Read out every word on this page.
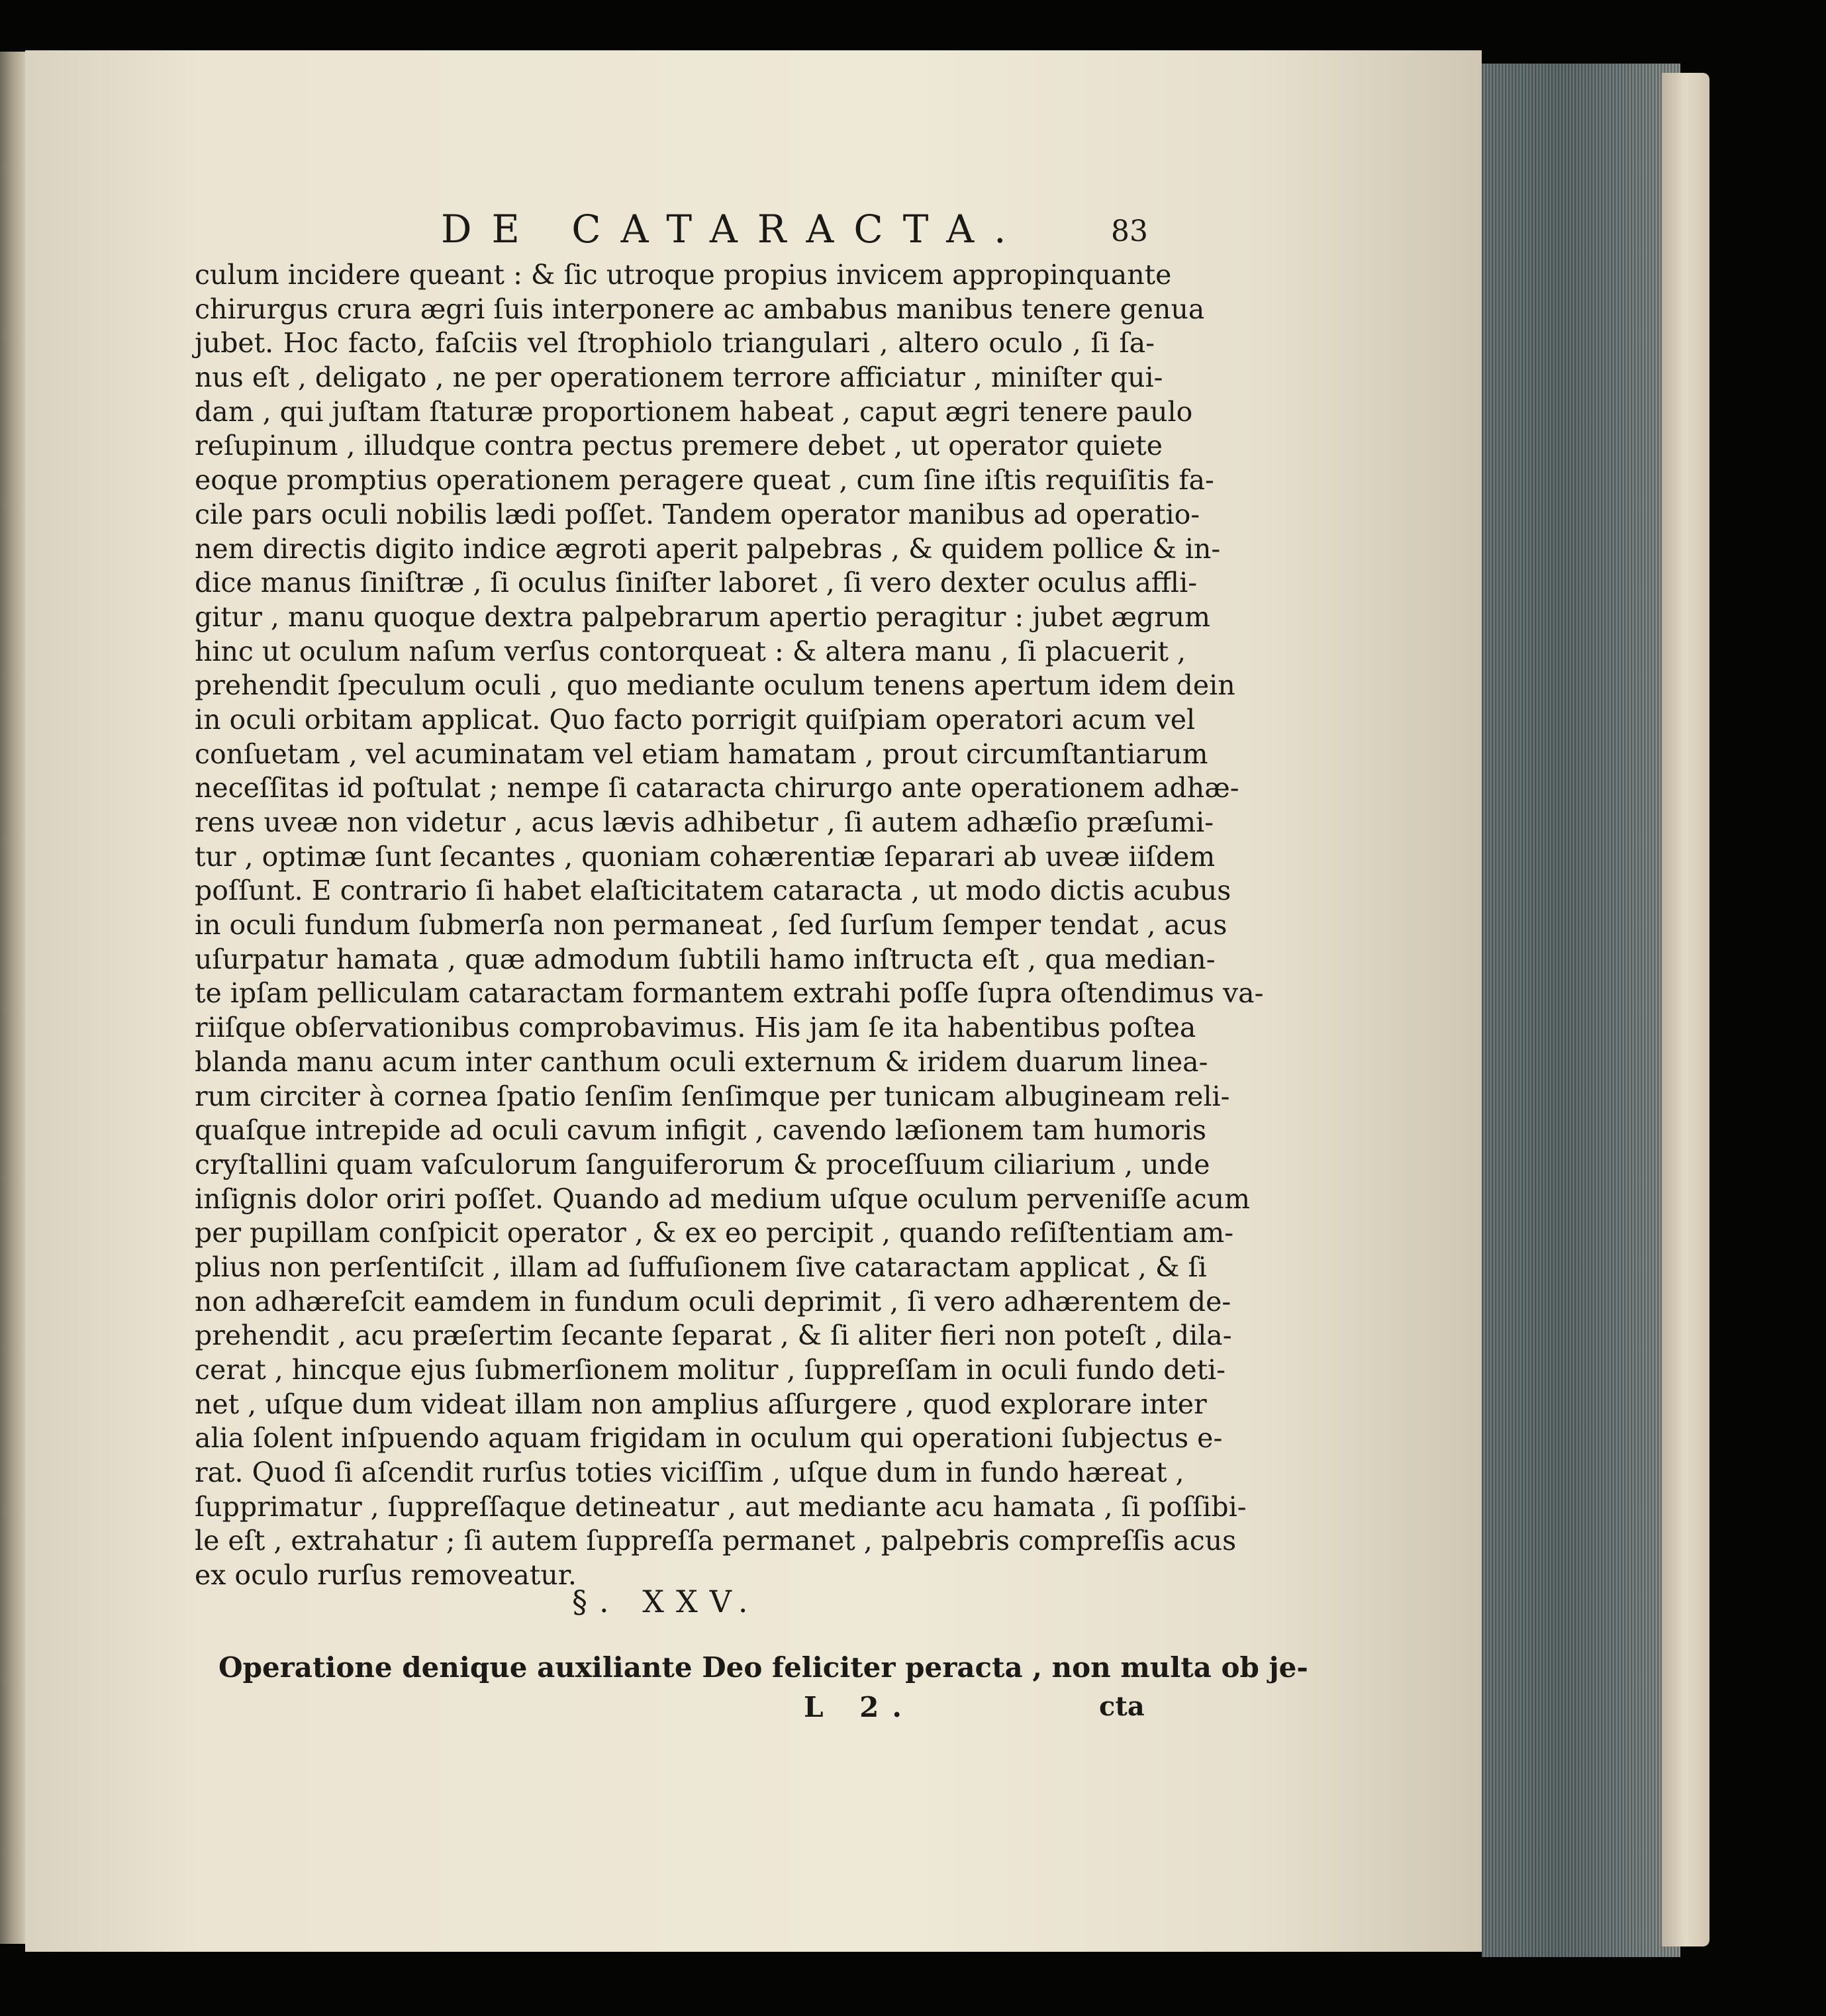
DE CATARACTA.	83
culum incidere queant : & ſic utroque propius invicem appropinquante
chirurgus crura ægri ſuis interponere ac ambabus manibus tenere genua
jubet. Hoc facto, faſciis vel ſtrophiolo triangulari , altero oculo , ſi ſa-
nus eſt , deligato , ne per operationem terrore afficiatur , miniſter qui-
dam , qui juſtam ſtaturæ proportionem habeat , caput ægri tenere paulo
reſupinum , illudque contra pectus premere debet , ut operator quiete
eoque promptius operationem peragere queat , cum ſine iſtis requiſitis fa-
cile pars oculi nobilis lædi poſſet. Tandem operator manibus ad operatio-
nem directis digito indice ægroti aperit palpebras , & quidem pollice & in-
dice manus ſiniſtræ , ſi oculus ſiniſter laboret , ſi vero dexter oculus affli-
gitur , manu quoque dextra palpebrarum apertio peragitur : jubet ægrum
hinc ut oculum naſum verſus contorqueat : & altera manu , ſi placuerit ,
prehendit ſpeculum oculi , quo mediante oculum tenens apertum idem dein
in oculi orbitam applicat. Quo facto porrigit quiſpiam operatori acum vel
conſuetam , vel acuminatam vel etiam hamatam , prout circumſtantiarum
neceſſitas id poſtulat ; nempe ſi cataracta chirurgo ante operationem adhæ-
rens uveæ non videtur , acus lævis adhibetur , ſi autem adhæſio præſumi-
tur , optimæ ſunt ſecantes , quoniam cohærentiæ ſeparari ab uveæ iiſdem
poſſunt. E contrario ſi habet elaſticitatem cataracta , ut modo dictis acubus
in oculi fundum ſubmerſa non permaneat , ſed ſurſum ſemper tendat , acus
uſurpatur hamata , quæ admodum ſubtili hamo inſtructa eſt , qua median-
te ipſam pelliculam cataractam formantem extrahi poſſe ſupra oſtendimus va-
riiſque obſervationibus comprobavimus. His jam ſe ita habentibus poſtea
blanda manu acum inter canthum oculi externum & iridem duarum linea-
rum circiter à cornea ſpatio ſenſim ſenſimque per tunicam albugineam reli-
quaſque intrepide ad oculi cavum infigit , cavendo læſionem tam humoris
cryſtallini quam vaſculorum ſanguiferorum & proceſſuum ciliarium , unde
inſignis dolor oriri poſſet. Quando ad medium uſque oculum perveniſſe acum
per pupillam conſpicit operator , & ex eo percipit , quando reſiſtentiam am-
plius non perſentiſcit , illam ad ſuffuſionem ſive cataractam applicat , & ſi
non adhæreſcit eamdem in fundum oculi deprimit , ſi vero adhærentem de-
prehendit , acu præſertim ſecante ſeparat , & ſi aliter fieri non poteſt , dila-
cerat , hincque ejus ſubmerſionem molitur , ſuppreſſam in oculi fundo deti-
net , uſque dum videat illam non amplius aſſurgere , quod explorare inter
alia ſolent inſpuendo aquam frigidam in oculum qui operationi ſubjectus e-
rat. Quod ſi aſcendit rurſus toties viciſſim , uſque dum in fundo hæreat ,
ſupprimatur , ſuppreſſaque detineatur , aut mediante acu hamata , ſi poſſibi-
le eſt , extrahatur ; ſi autem ſuppreſſa permanet , palpebris compreſſis acus
ex oculo rurſus removeatur.
§. XXV.
Operatione denique auxiliante Deo feliciter peracta , non multa ob je-
L 2.	cta
